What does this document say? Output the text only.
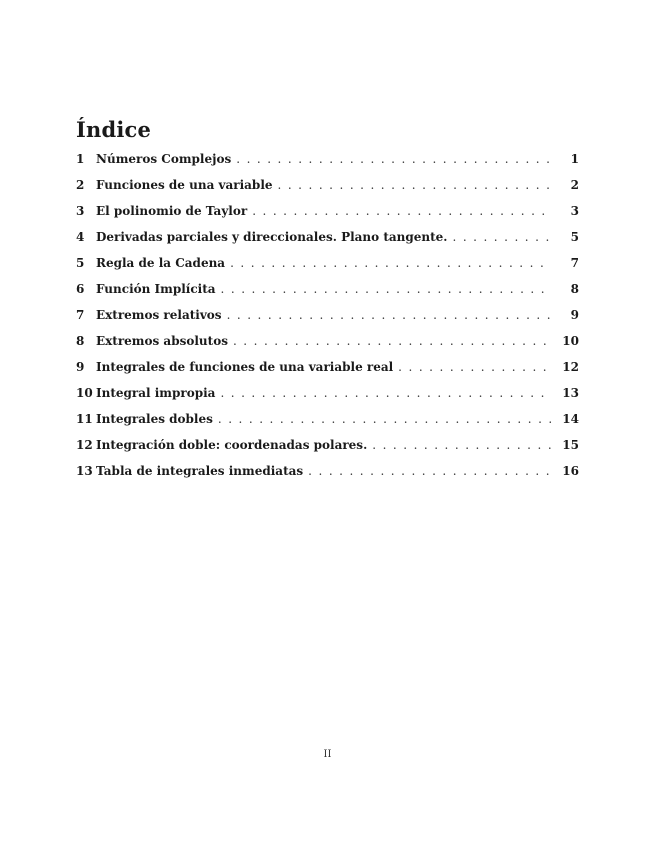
Índice
1 Números Complejos . . .	1
2 Funciones de una variable . . .	2
3 El polinomio de Taylor . . .	3
4 Derivadas parciales y direccionales. Plano tangente. . . .	5
5 Regla de la Cadena . . .	7
6 Función Implícita . . .	8
7 Extremos relativos . . .	9
8 Extremos absolutos . . .	10
9 Integrales de funciones de una variable real . . .	12
10 Integral impropia . . .	13
11 Integrales dobles . . .	14
12 Integración doble: coordenadas polares. . . .	15
13 Tabla de integrales inmediatas . . .	16
II
